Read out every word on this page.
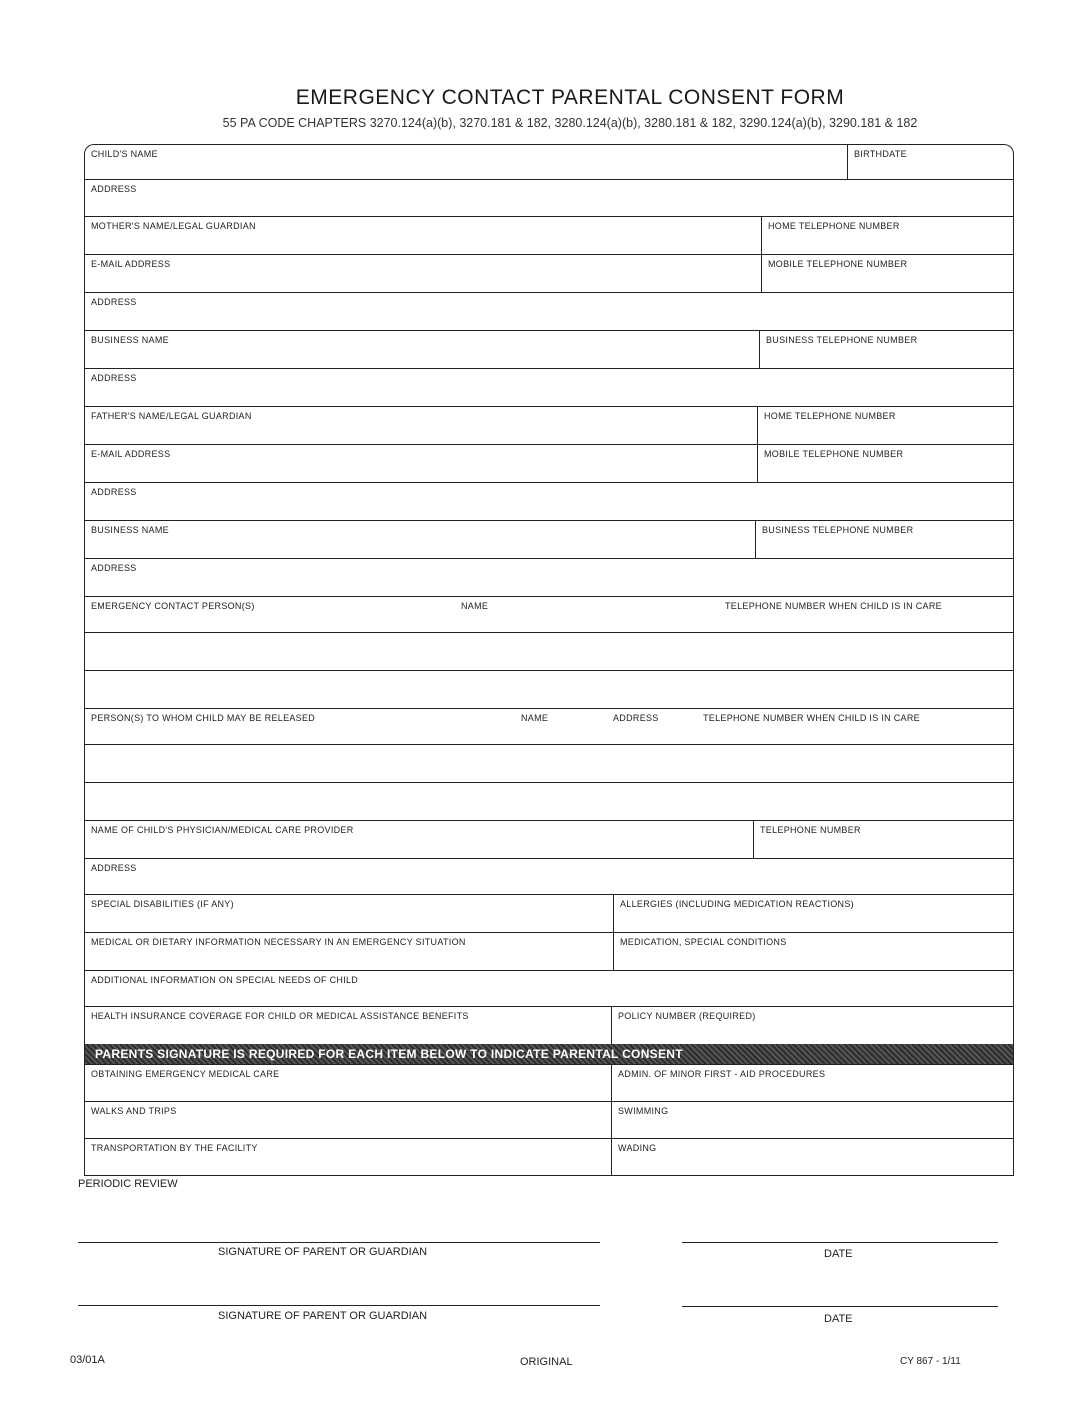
EMERGENCY CONTACT PARENTAL CONSENT FORM
55 PA CODE CHAPTERS 3270.124(a)(b), 3270.181 & 182, 3280.124(a)(b), 3280.181 & 182, 3290.124(a)(b), 3290.181 & 182
CHILD'S NAME	BIRTHDATE
ADDRESS
MOTHER'S NAME/LEGAL GUARDIAN	HOME TELEPHONE NUMBER
E-MAIL ADDRESS	MOBILE TELEPHONE NUMBER
ADDRESS
BUSINESS NAME	BUSINESS TELEPHONE NUMBER
ADDRESS
FATHER'S NAME/LEGAL GUARDIAN	HOME TELEPHONE NUMBER
E-MAIL ADDRESS	MOBILE TELEPHONE NUMBER
ADDRESS
BUSINESS NAME	BUSINESS TELEPHONE NUMBER
ADDRESS
EMERGENCY CONTACT PERSON(S)	NAME	TELEPHONE NUMBER WHEN CHILD IS IN CARE
PERSON(S) TO WHOM CHILD MAY BE RELEASED	NAME	ADDRESS	TELEPHONE NUMBER WHEN CHILD IS IN CARE
NAME OF CHILD'S PHYSICIAN/MEDICAL CARE PROVIDER	TELEPHONE NUMBER
ADDRESS
SPECIAL DISABILITIES (IF ANY)	ALLERGIES (INCLUDING MEDICATION REACTIONS)
MEDICAL OR DIETARY INFORMATION NECESSARY IN AN EMERGENCY SITUATION	MEDICATION, SPECIAL CONDITIONS
ADDITIONAL INFORMATION ON SPECIAL NEEDS OF CHILD
HEALTH INSURANCE COVERAGE FOR CHILD OR MEDICAL ASSISTANCE BENEFITS	POLICY NUMBER (REQUIRED)
PARENTS SIGNATURE IS REQUIRED FOR EACH ITEM BELOW TO INDICATE PARENTAL CONSENT
OBTAINING EMERGENCY MEDICAL CARE	ADMIN. OF MINOR FIRST - AID PROCEDURES
WALKS AND TRIPS	SWIMMING
TRANSPORTATION BY THE FACILITY	WADING
PERIODIC REVIEW
SIGNATURE OF PARENT OR GUARDIAN	DATE
SIGNATURE OF PARENT OR GUARDIAN	DATE
03/01A	ORIGINAL	CY 867 - 1/11
